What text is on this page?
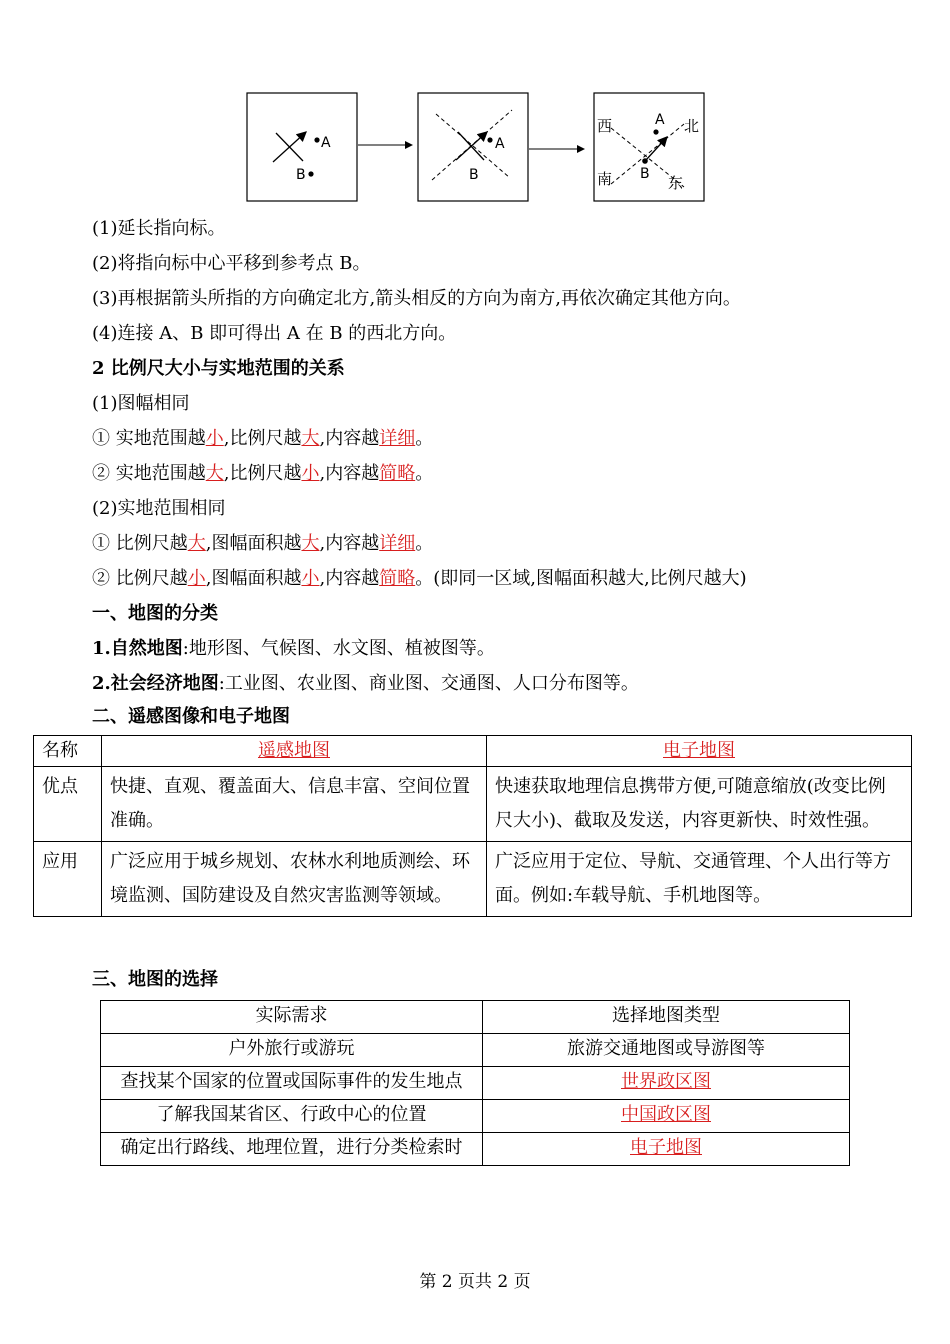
A
B
A
B
A
B
西	北
南	东
(1)延长指向标。
(2)将指向标中心平移到参考点 B。
(3)再根据箭头所指的方向确定北方,箭头相反的方向为南方,再依次确定其他方向。
(4)连接 A、B 即可得出 A 在 B 的西北方向。
2 比例尺大小与实地范围的关系
(1)图幅相同
① 实地范围越小,比例尺越大,内容越详细。
② 实地范围越大,比例尺越小,内容越简略。
(2)实地范围相同
① 比例尺越大,图幅面积越大,内容越详细。
② 比例尺越小,图幅面积越小,内容越简略。(即同一区域,图幅面积越大,比例尺越大)
一、地图的分类
1.自然地图:地形图、气候图、水文图、植被图等。
2.社会经济地图:工业图、农业图、商业图、交通图、人口分布图等。
二、遥感图像和电子地图
名称	遥感地图	电子地图
优点	快捷、直观、覆盖面大、信息丰富、空间位置准确。	快速获取地理信息携带方便,可随意缩放(改变比例尺大小)、截取及发送，内容更新快、时效性强。
应用	广泛应用于城乡规划、农林水利地质测绘、环境监测、国防建设及自然灾害监测等领域。	广泛应用于定位、导航、交通管理、个人出行等方面。例如:车载导航、手机地图等。
三、地图的选择
实际需求	选择地图类型
户外旅行或游玩	旅游交通地图或导游图等
查找某个国家的位置或国际事件的发生地点	世界政区图
了解我国某省区、行政中心的位置	中国政区图
确定出行路线、地理位置，进行分类检索时	电子地图
第 2 页共 2 页
